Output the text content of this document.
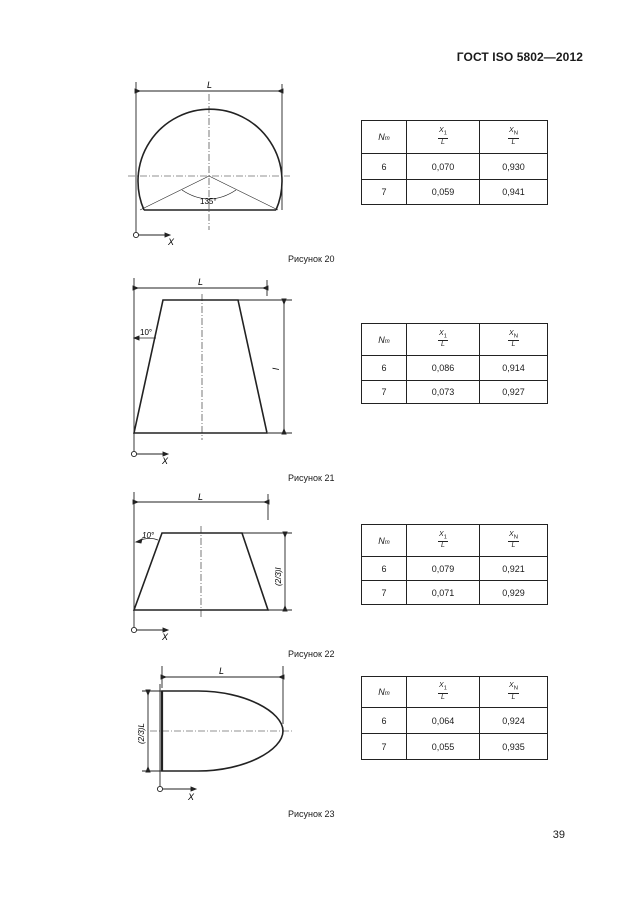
ГОСТ ISO 5802—2012
39
L
135°
X
Рисунок 20
Nт	$\frac{X_1}{L}$	$\frac{X_N}{L}$

6	0,070	0,930
7	0,059	0,941
L
10°
l
X
Рисунок 21
Nт	$\frac{X_1}{L}$	$\frac{X_N}{L}$

6	0,086	0,914
7	0,073	0,927
L
10°
(2/3)l
X
Рисунок 22
Nт	$\frac{X_1}{L}$	$\frac{X_N}{L}$

6	0,079	0,921
7	0,071	0,929
L
(2/3)L
X
Рисунок 23
Nт	$\frac{X_1}{L}$	$\frac{X_N}{L}$

6	0,064	0,924
7	0,055	0,935
